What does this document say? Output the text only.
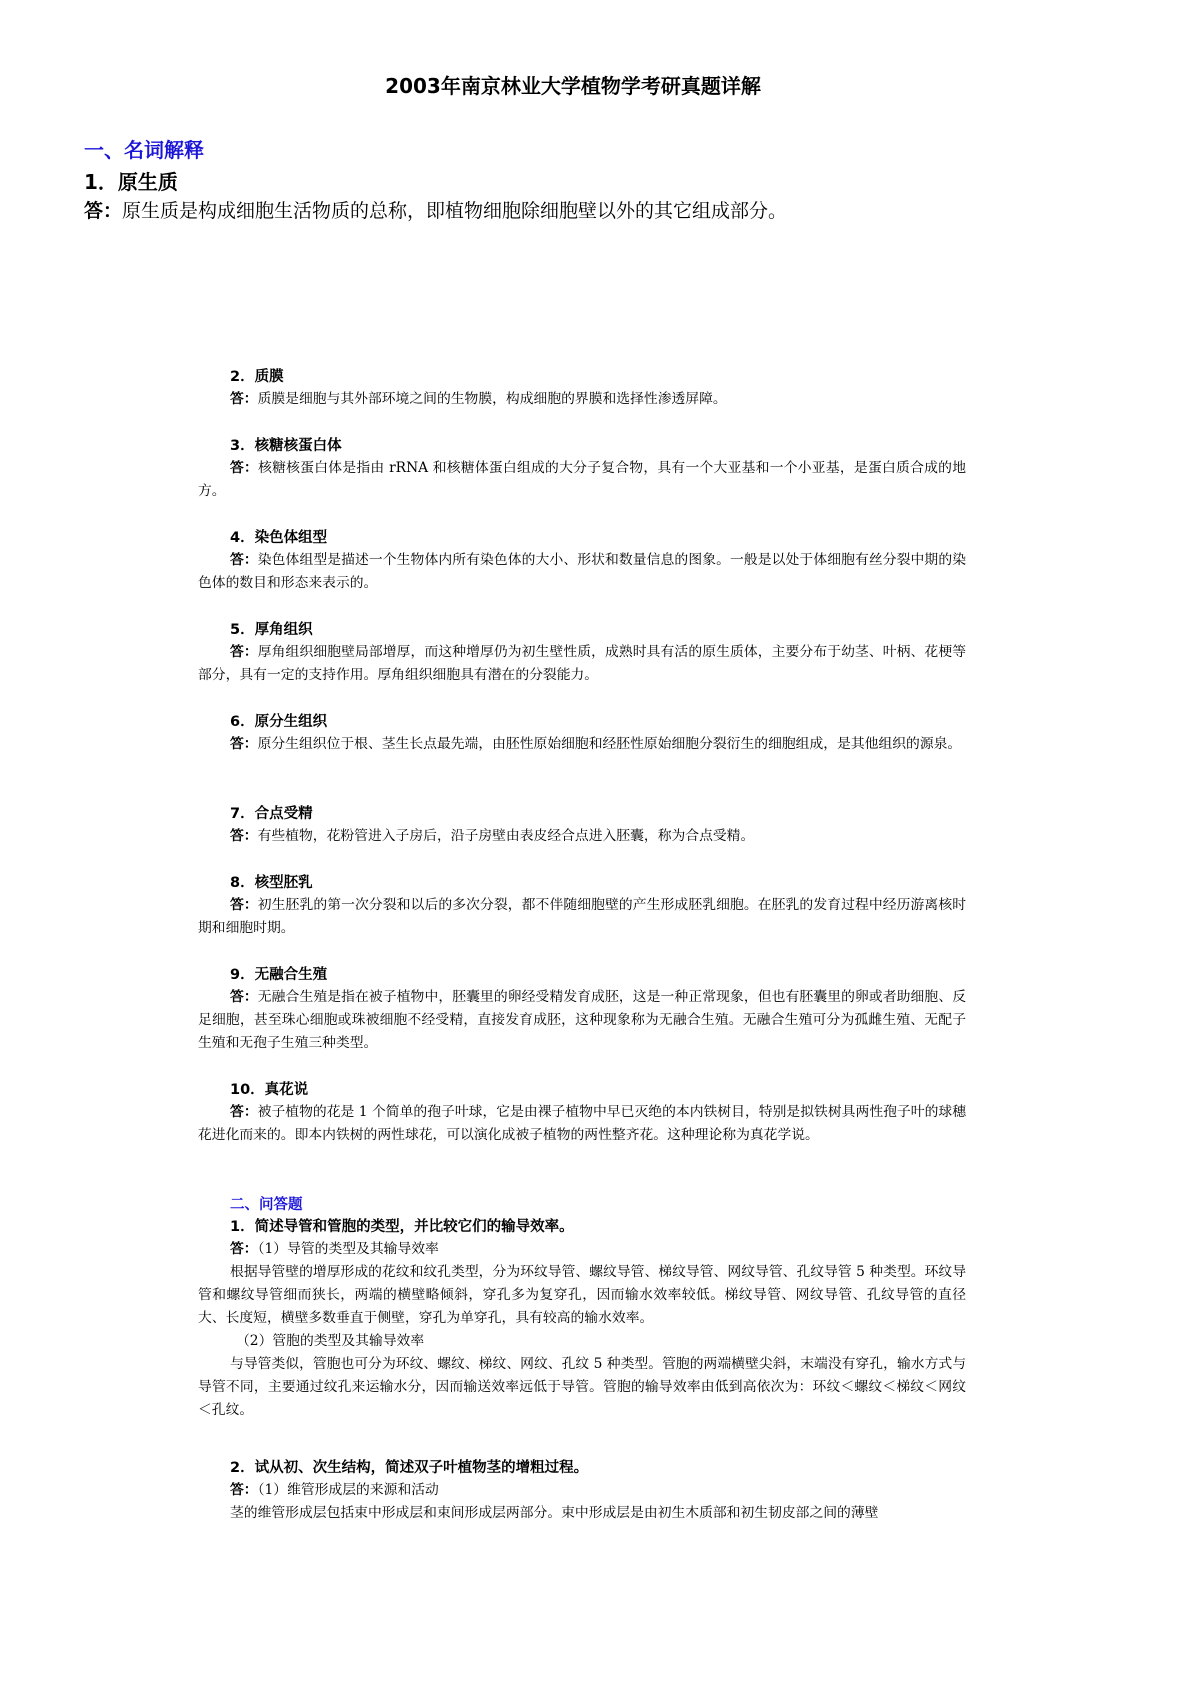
2003年南京林业大学植物学考研真题详解
一、名词解释
1．原生质
答：原生质是构成细胞生活物质的总称，即植物细胞除细胞壁以外的其它组成部分。
2．质膜
答：质膜是细胞与其外部环境之间的生物膜，构成细胞的界膜和选择性渗透屏障。
3．核糖核蛋白体
答：核糖核蛋白体是指由 rRNA 和核糖体蛋白组成的大分子复合物，具有一个大亚基和一个小亚基，是蛋白质合成的地方。
4．染色体组型
答：染色体组型是描述一个生物体内所有染色体的大小、形状和数量信息的图象。一般是以处于体细胞有丝分裂中期的染色体的数目和形态来表示的。
5．厚角组织
答：厚角组织细胞壁局部增厚，而这种增厚仍为初生壁性质，成熟时具有活的原生质体，主要分布于幼茎、叶柄、花梗等部分，具有一定的支持作用。厚角组织细胞具有潜在的分裂能力。
6．原分生组织
答：原分生组织位于根、茎生长点最先端，由胚性原始细胞和经胚性原始细胞分裂衍生的细胞组成，是其他组织的源泉。
7．合点受精
答：有些植物，花粉管进入子房后，沿子房壁由表皮经合点进入胚囊，称为合点受精。
8．核型胚乳
答：初生胚乳的第一次分裂和以后的多次分裂，都不伴随细胞壁的产生形成胚乳细胞。在胚乳的发育过程中经历游离核时期和细胞时期。
9．无融合生殖
答：无融合生殖是指在被子植物中，胚囊里的卵经受精发育成胚，这是一种正常现象，但也有胚囊里的卵或者助细胞、反足细胞，甚至珠心细胞或珠被细胞不经受精，直接发育成胚，这种现象称为无融合生殖。无融合生殖可分为孤雌生殖、无配子生殖和无孢子生殖三种类型。
10．真花说
答：被子植物的花是 1 个简单的孢子叶球，它是由裸子植物中早已灭绝的本内铁树目，特别是拟铁树具两性孢子叶的球穗花进化而来的。即本内铁树的两性球花，可以演化成被子植物的两性整齐花。这种理论称为真花学说。
二、问答题
1．简述导管和管胞的类型，并比较它们的输导效率。
答：（1）导管的类型及其输导效率
根据导管壁的增厚形成的花纹和纹孔类型，分为环纹导管、螺纹导管、梯纹导管、网纹导管、孔纹导管 5 种类型。环纹导管和螺纹导管细而狭长，两端的横壁略倾斜，穿孔多为复穿孔，因而输水效率较低。梯纹导管、网纹导管、孔纹导管的直径大、长度短，横壁多数垂直于侧壁，穿孔为单穿孔，具有较高的输水效率。
（2）管胞的类型及其输导效率
与导管类似，管胞也可分为环纹、螺纹、梯纹、网纹、孔纹 5 种类型。管胞的两端横壁尖斜，末端没有穿孔，输水方式与导管不同，主要通过纹孔来运输水分，因而输送效率远低于导管。管胞的输导效率由低到高依次为：环纹＜螺纹＜梯纹＜网纹＜孔纹。
2．试从初、次生结构，简述双子叶植物茎的增粗过程。
答：（1）维管形成层的来源和活动
茎的维管形成层包括束中形成层和束间形成层两部分。束中形成层是由初生木质部和初生韧皮部之间的薄壁
